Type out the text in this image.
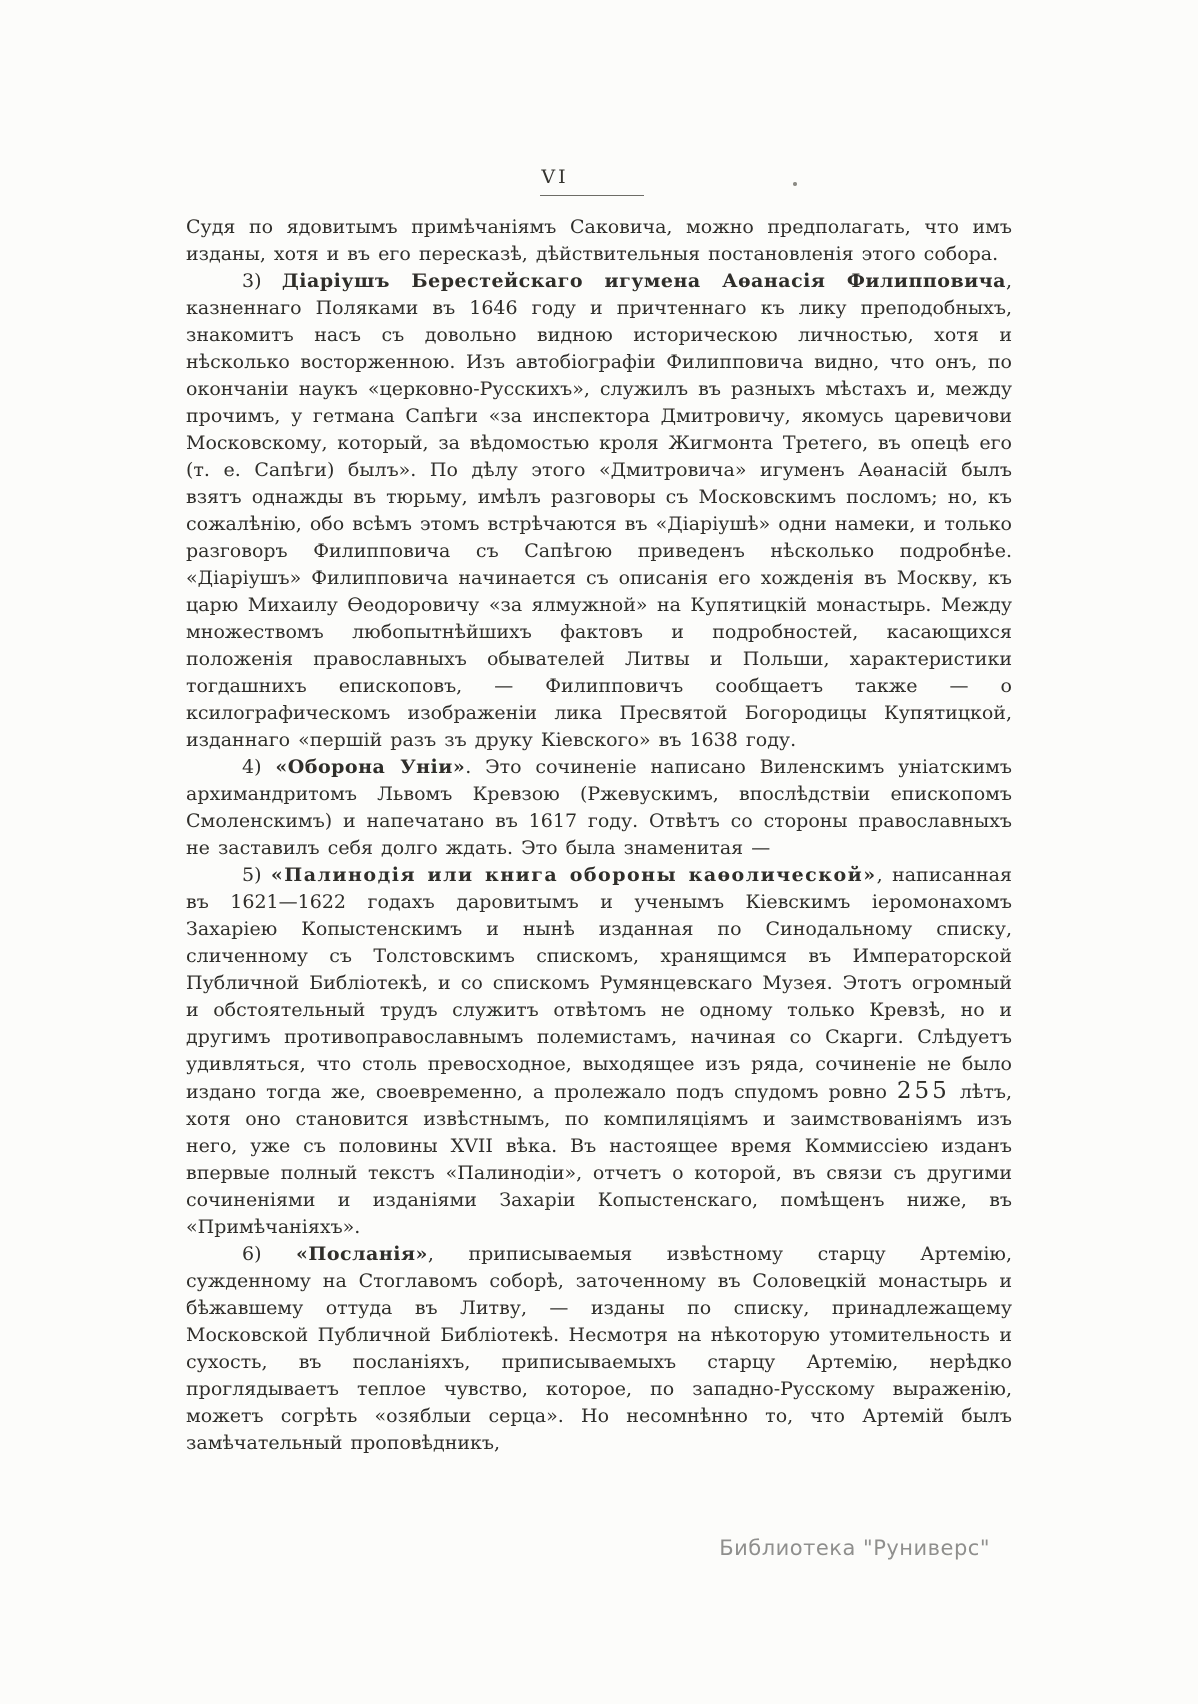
VI

Судя по ядовитымъ примѣчаніямъ Саковича, можно предполагать, что имъ изданы, хотя и въ его пересказѣ, дѣйствительныя постановленія этого собора.

3) Діаріушъ Берестейскаго игумена Аѳанасія Филипповича, казненнаго Поляками въ 1646 году и причтеннаго къ лику преподобныхъ, знакомитъ насъ съ довольно видною историческою личностью, хотя и нѣсколько восторженною. Изъ автобіографіи Филипповича видно, что онъ, по окончаніи наукъ «церковно-Русскихъ», служилъ въ разныхъ мѣстахъ и, между прочимъ, у гетмана Сапѣги «за инспектора Дмитровичу, якомусь царевичови Московскому, который, за вѣдомостью кроля Жигмонта Третего, въ опецѣ его (т. е. Сапѣги) былъ». По дѣлу этого «Дмитровича» игуменъ Аѳанасій былъ взятъ однажды въ тюрьму, имѣлъ разговоры съ Московскимъ посломъ; но, къ сожалѣнію, обо всѣмъ этомъ встрѣчаются въ «Діаріушѣ» одни намеки, и только разговоръ Филипповича съ Сапѣгою приведенъ нѣсколько подробнѣе. «Діаріушъ» Филипповича начинается съ описанія его хожденія въ Москву, къ царю Михаилу Ѳеодоровичу «за ялмужной» на Купятицкій монастырь. Между множествомъ любопытнѣйшихъ фактовъ и подробностей, касающихся положенія православныхъ обывателей Литвы и Польши, характеристики тогдашнихъ епископовъ, — Филипповичъ сообщаетъ также — о ксилографическомъ изображеніи лика Пресвятой Богородицы Купятицкой, изданнаго «першій разъ зъ друку Кіевского» въ 1638 году.

4) «Оборона Уніи». Это сочиненіе написано Виленскимъ уніатскимъ архимандритомъ Львомъ Кревзою (Ржевускимъ, впослѣдствіи епископомъ Смоленскимъ) и напечатано въ 1617 году. Отвѣтъ со стороны православныхъ не заставилъ себя долго ждать. Это была знаменитая —

5) «Палинодія или книга обороны каѳолической», написанная въ 1621—1622 годахъ даровитымъ и ученымъ Кіевскимъ іеромонахомъ Захаріею Копыстенскимъ и нынѣ изданная по Синодальному списку, сличенному съ Толстовскимъ спискомъ, хранящимся въ Императорской Публичной Библіотекѣ, и со спискомъ Румянцевскаго Музея. Этотъ огромный и обстоятельный трудъ служитъ отвѣтомъ не одному только Кревзѣ, но и другимъ противоправославнымъ полемистамъ, начиная со Скарги. Слѣдуетъ удивляться, что столь превосходное, выходящее изъ ряда, сочиненіе не было издано тогда же, своевременно, а пролежало подъ спудомъ ровно 255 лѣтъ, хотя оно становится извѣстнымъ, по компиляціямъ и заимствованіямъ изъ него, уже съ половины XVII вѣка. Въ настоящее время Коммиссіею изданъ впервые полный текстъ «Палинодіи», отчетъ о которой, въ связи съ другими сочиненіями и изданіями Захаріи Копыстенскаго, помѣщенъ ниже, въ «Примѣчаніяхъ».

6) «Посланія», приписываемыя извѣстному старцу Артемію, сужденному на Стоглавомъ соборѣ, заточенному въ Соловецкій монастырь и бѣжавшему оттуда въ Литву, — изданы по списку, принадлежащему Московской Публичной Библіотекѣ. Несмотря на нѣкоторую утомительность и сухость, въ посланіяхъ, приписываемыхъ старцу Артемію, нерѣдко проглядываетъ теплое чувство, которое, по западно-Русскому выраженію, можетъ согрѣть «озяблыи серца». Но несомнѣнно то, что Артемій былъ замѣчательный проповѣдникъ,

Библиотека "Руниверс"
